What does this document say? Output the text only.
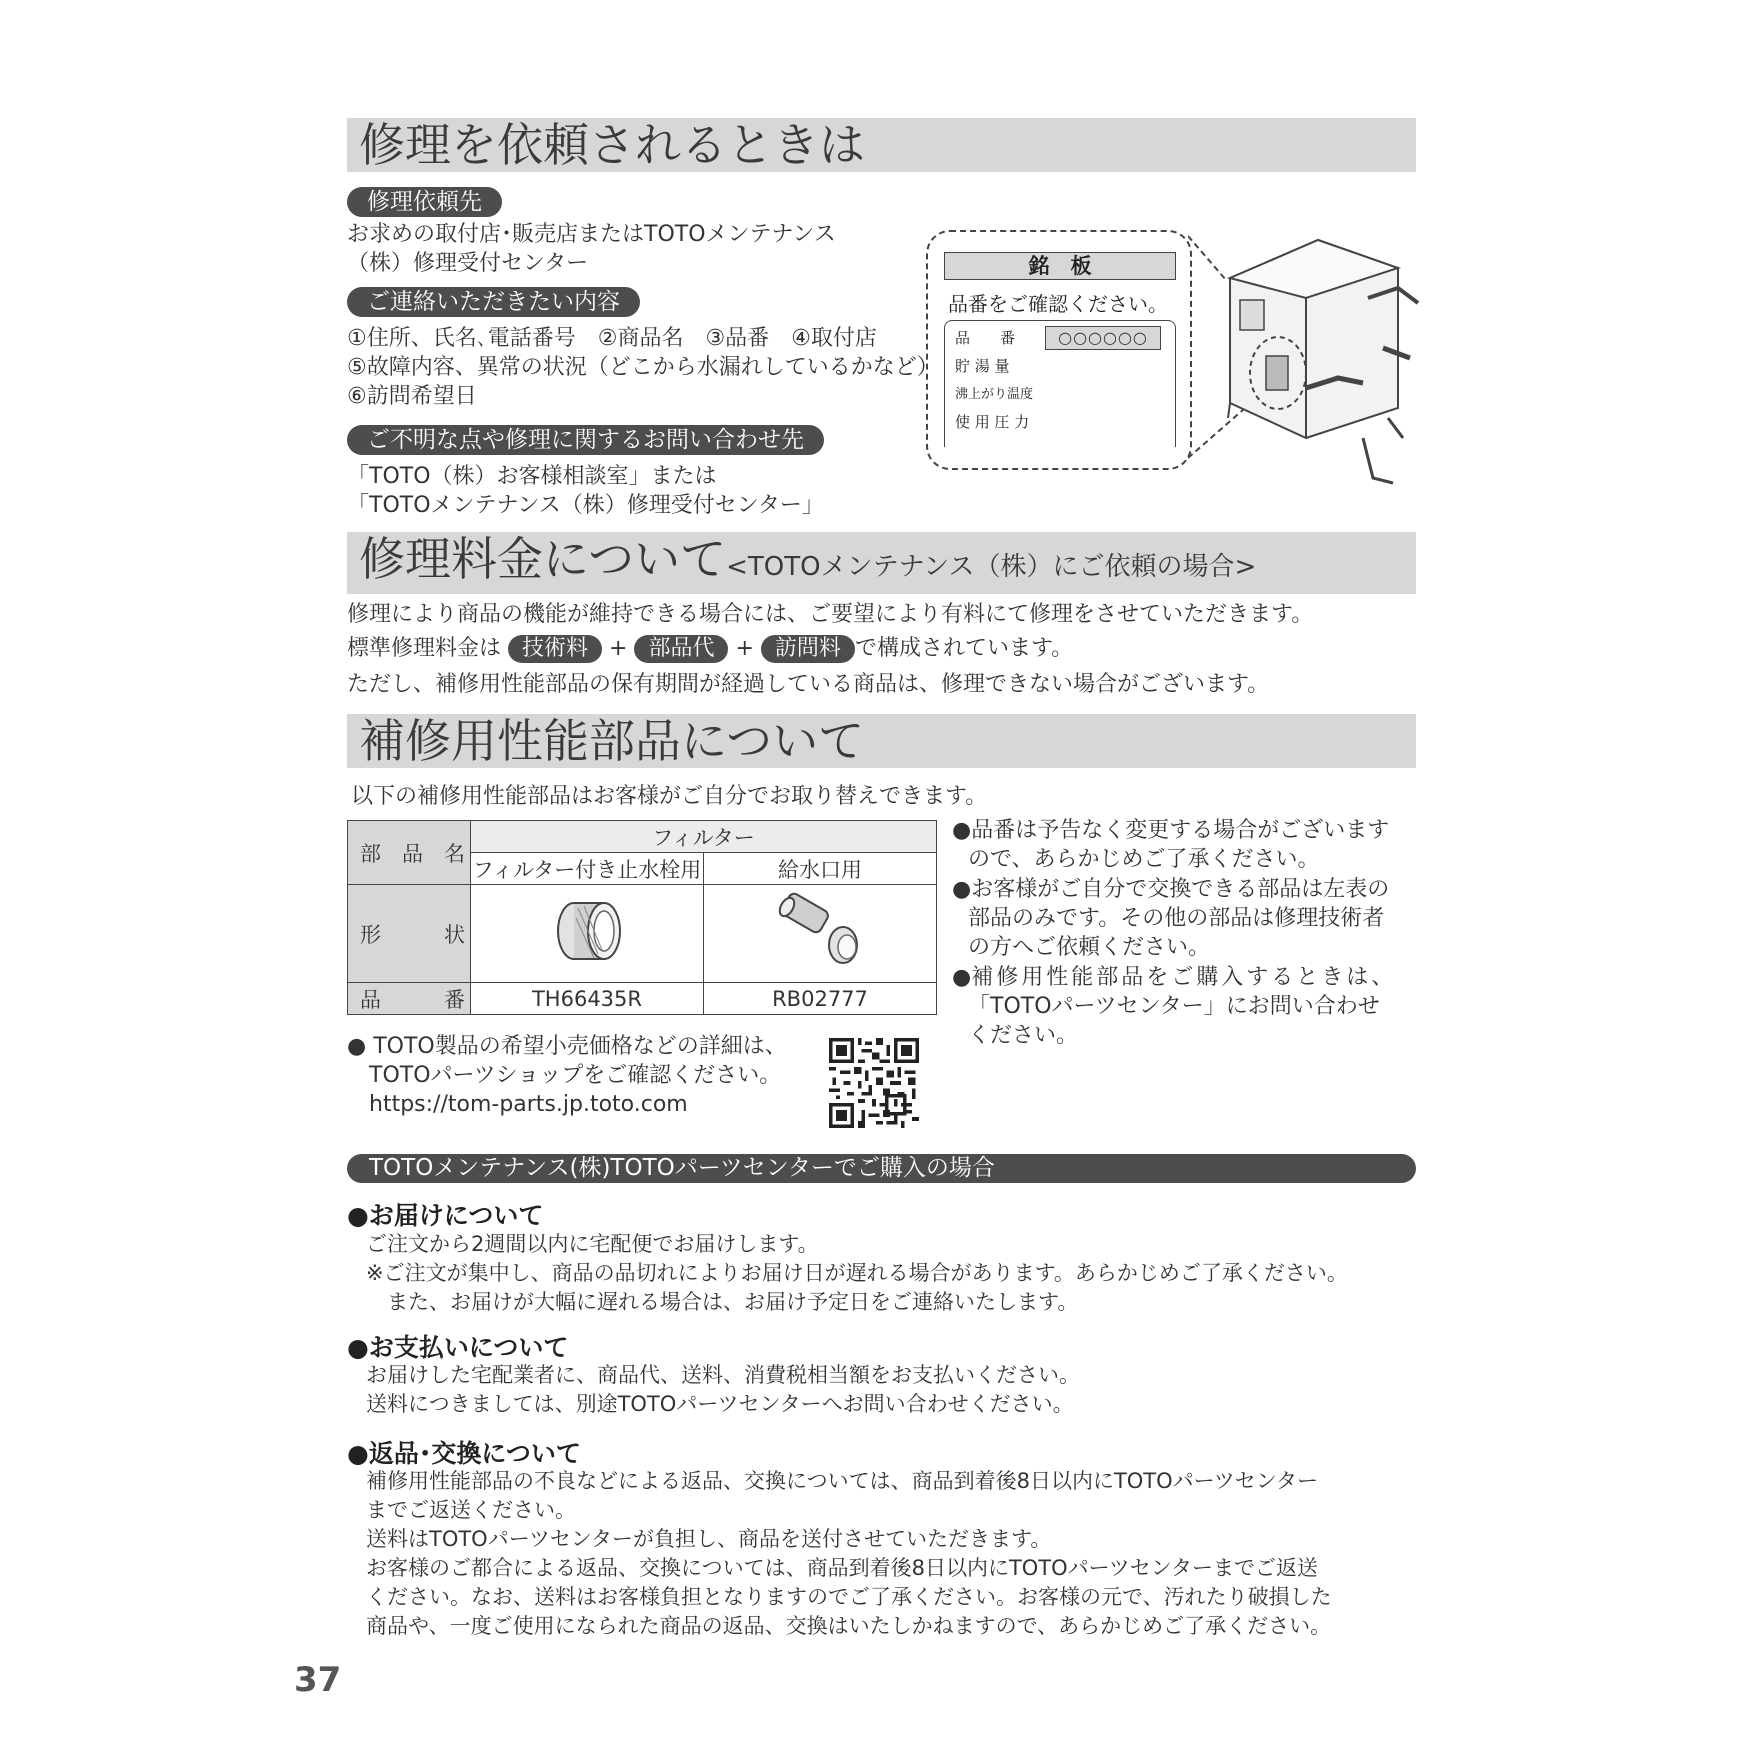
修理を依頼されるときは
修理依頼先
お求めの取付店･販売店またはTOTOメンテナンス
（株）修理受付センター
ご連絡いただきたい内容
①住所、氏名､電話番号　②商品名　③品番　④取付店
⑤故障内容、異常の状況（どこから水漏れしているかなど）
⑥訪問希望日
ご不明な点や修理に関するお問い合わせ先
「TOTO（株）お客様相談室」または
「TOTOメンテナンス（株）修理受付センター」
銘　板
品番をご確認ください。
品　　番	○○○○○○
貯 湯 量
沸上がり温度
使 用 圧 力
修理料金について<TOTOメンテナンス（株）にご依頼の場合>
修理により商品の機能が維持できる場合には、ご要望により有料にて修理をさせていただきます。
標準修理料金は 技術料 + 部品代 + 訪問料 で構成されています。
ただし、補修用性能部品の保有期間が経過している商品は、修理できない場合がございます。
補修用性能部品について
以下の補修用性能部品はお客様がご自分でお取り替えできます。
部　品　名	フィルター	
	フィルター付き止水栓用	給水口用
形　　　状		
品　　　番	TH66435R	RB02777
●品番は予告なく変更する場合がございます
ので、あらかじめご了承ください。
●お客様がご自分で交換できる部品は左表の
部品のみです。その他の部品は修理技術者
の方へご依頼ください。
●補修用性能部品をご購入するときは、
「TOTOパーツセンター」にお問い合わせ
ください。
● TOTO製品の希望小売価格などの詳細は、
TOTOパーツショップをご確認ください。
https://tom-parts.jp.toto.com
TOTOメンテナンス(株)TOTOパーツセンターでご購入の場合
●お届けについて
ご注文から2週間以内に宅配便でお届けします。
※ご注文が集中し、商品の品切れによりお届け日が遅れる場合があります。あらかじめご了承ください。
　また、お届けが大幅に遅れる場合は、お届け予定日をご連絡いたします。
●お支払いについて
お届けした宅配業者に、商品代、送料、消費税相当額をお支払いください。
送料につきましては、別途TOTOパーツセンターへお問い合わせください。
●返品･交換について
補修用性能部品の不良などによる返品、交換については、商品到着後8日以内にTOTOパーツセンター
までご返送ください。
送料はTOTOパーツセンターが負担し、商品を送付させていただきます。
お客様のご都合による返品、交換については、商品到着後8日以内にTOTOパーツセンターまでご返送
ください。なお、送料はお客様負担となりますのでご了承ください。お客様の元で、汚れたり破損した
商品や、一度ご使用になられた商品の返品、交換はいたしかねますので、あらかじめご了承ください。
37
